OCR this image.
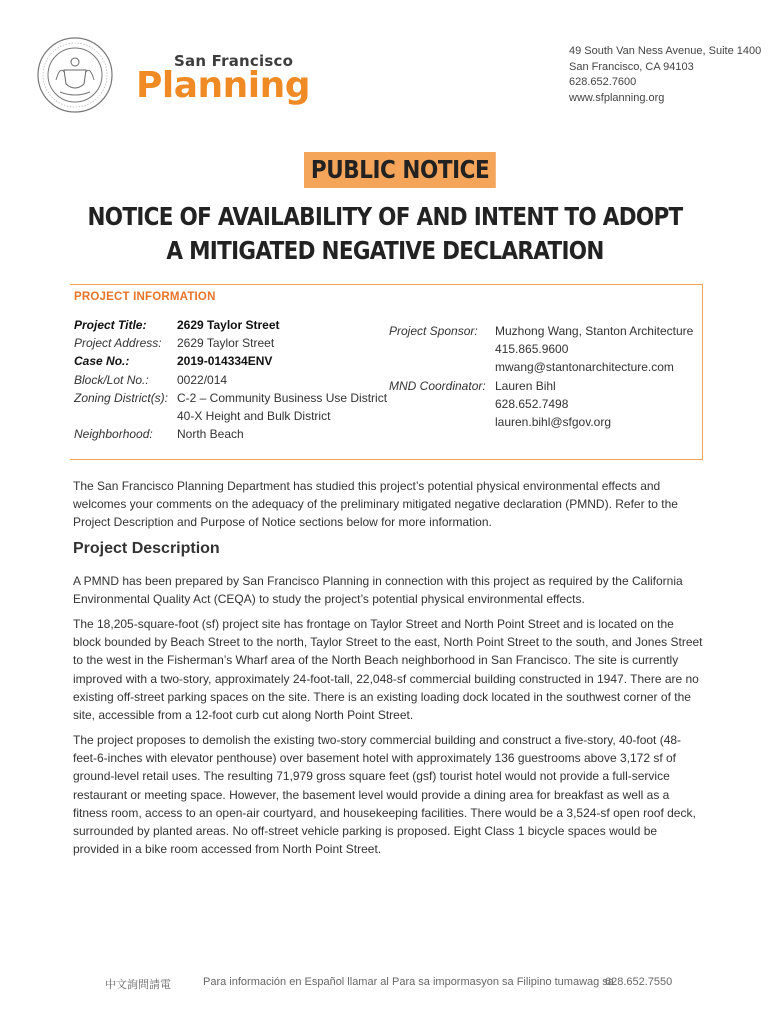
San Francisco
Planning
49 South Van Ness Avenue, Suite 1400
San Francisco, CA 94103
628.652.7600
www.sfplanning.org
PUBLIC NOTICE
NOTICE OF AVAILABILITY OF AND INTENT TO ADOPT
A MITIGATED NEGATIVE DECLARATION
PROJECT INFORMATION
Project Title:	2629 Taylor Street
Project Address:	2629 Taylor Street
Case No.:	2019-014334ENV
Block/Lot No.:	0022/014
Zoning District(s): C-2 – Community Business Use District
40-X Height and Bulk District
Neighborhood:	North Beach
Project Sponsor:	Muzhong Wang, Stanton Architecture
415.865.9600
mwang@stantonarchitecture.com
MND Coordinator: Lauren Bihl
628.652.7498
lauren.bihl@sfgov.org

The San Francisco Planning Department has studied this project’s potential physical environmental effects and welcomes your comments on the adequacy of the preliminary mitigated negative declaration (PMND). Refer to the Project Description and Purpose of Notice sections below for more information.

Project Description

A PMND has been prepared by San Francisco Planning in connection with this project as required by the California Environmental Quality Act (CEQA) to study the project’s potential physical environmental effects.

The 18,205-square-foot (sf) project site has frontage on Taylor Street and North Point Street and is located on the block bounded by Beach Street to the north, Taylor Street to the east, North Point Street to the south, and Jones Street to the west in the Fisherman’s Wharf area of the North Beach neighborhood in San Francisco. The site is currently improved with a two-story, approximately 24-foot-tall, 22,048-sf commercial building constructed in 1947. There are no existing off-street parking spaces on the site. There is an existing loading dock located in the southwest corner of the site, accessible from a 12-foot curb cut along North Point Street.

The project proposes to demolish the existing two-story commercial building and construct a five-story, 40-foot (48-feet-6-inches with elevator penthouse) over basement hotel with approximately 136 guestrooms above 3,172 sf of ground-level retail uses. The resulting 71,979 gross square feet (gsf) tourist hotel would not provide a full-service restaurant or meeting space. However, the basement level would provide a dining area for breakfast as well as a fitness room, access to an open-air courtyard, and housekeeping facilities. There would be a 3,524-sf open roof deck, surrounded by planted areas. No off-street vehicle parking is proposed. Eight Class 1 bicycle spaces would be provided in a bike room accessed from North Point Street.

中文詢問請電	Para información en Español llamar al Para sa impormasyon sa Filipino tumawag sa
628.652.7550
